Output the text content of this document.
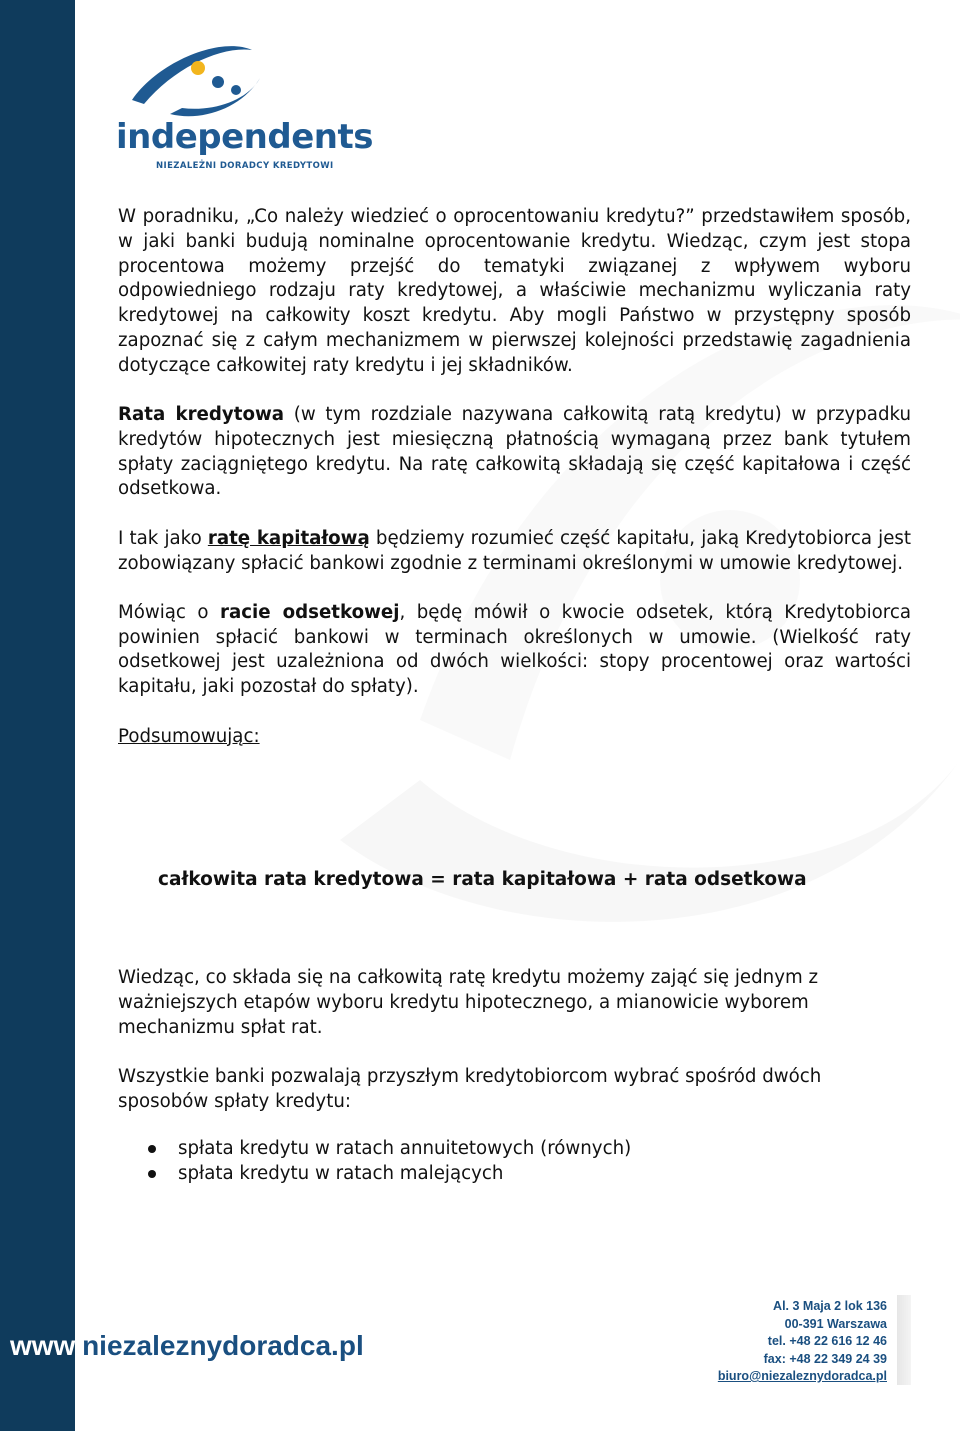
independents
NIEZALEŻNI DORADCY KREDYTOWI

W poradniku, „Co należy wiedzieć o oprocentowaniu kredytu?” przedstawiłem sposób, w jaki banki budują nominalne oprocentowanie kredytu. Wiedząc, czym jest stopa procentowa możemy przejść do tematyki związanej z wpływem wyboru odpowiedniego rodzaju raty kredytowej, a właściwie mechanizmu wyliczania raty kredytowej na całkowity koszt kredytu. Aby mogli Państwo w przystępny sposób zapoznać się z całym mechanizmem w pierwszej kolejności przedstawię zagadnienia dotyczące całkowitej raty kredytu i jej składników.

Rata kredytowa (w tym rozdziale nazywana całkowitą ratą kredytu) w przypadku kredytów hipotecznych jest miesięczną płatnością wymaganą przez bank tytułem spłaty zaciągniętego kredytu. Na ratę całkowitą składają się część kapitałowa i część odsetkowa.

I tak jako ratę kapitałową będziemy rozumieć część kapitału, jaką Kredytobiorca jest zobowiązany spłacić bankowi zgodnie z terminami określonymi w umowie kredytowej.

Mówiąc o racie odsetkowej, będę mówił o kwocie odsetek, którą Kredytobiorca powinien spłacić bankowi w terminach określonych w umowie. (Wielkość raty odsetkowej jest uzależniona od dwóch wielkości: stopy procentowej oraz wartości kapitału, jaki pozostał do spłaty).

Podsumowując:

całkowita rata kredytowa = rata kapitałowa + rata odsetkowa

Wiedząc, co składa się na całkowitą ratę kredytu możemy zająć się jednym z ważniejszych etapów wyboru kredytu hipotecznego, a mianowicie wyborem mechanizmu spłat rat.

Wszystkie banki pozwalają przyszłym kredytobiorcom wybrać spośród dwóch sposobów spłaty kredytu:

spłata kredytu w ratach annuitetowych (równych)
spłata kredytu w ratach malejących
www.niezaleznydoradca.pl
Al. 3 Maja 2 lok 136
00-391 Warszawa
tel. +48 22 616 12 46
fax: +48 22 349 24 39
biuro@niezaleznydoradca.pl
